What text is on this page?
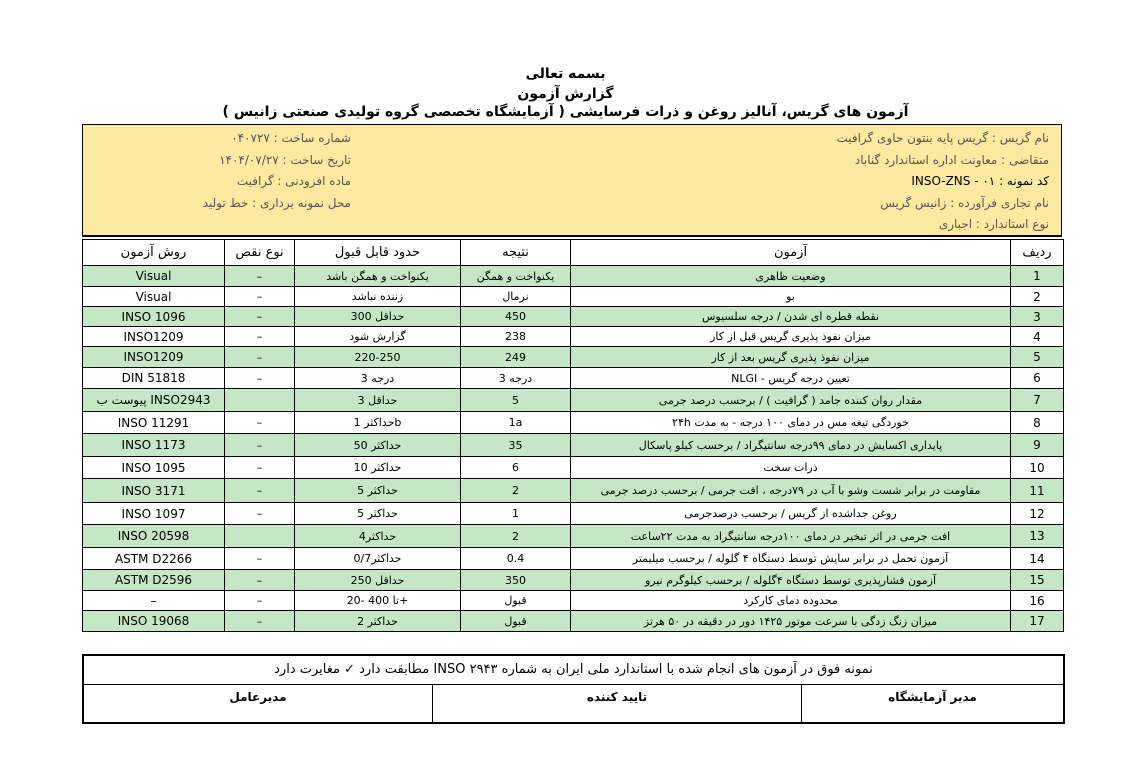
بسمه تعالی
گزارش آزمون
آزمون های گریس، آنالیز روغن و ذرات فرسایشی ( آزمایشگاه تخصصی گروه تولیدی صنعتی زانیس )
نام گریس : گریس پایه بنتون حاوی گرافیت
متقاضی : معاونت اداره استاندارد گناباد
کد نمونه : ۰۱ - INSO-ZNS
نام تجاری فرآورده : زانیس گریس
نوع استاندارد : اجباری
شماره ساخت : ۰۴۰۷۲۷
تاریخ ساخت : ۱۴۰۴/۰۷/۲۷
ماده افزودنی : گرافیت
محل نمونه برداری : خط تولید
روش آزمون	نوع نقص	حدود قابل قبول	نتیجه	آزمون	ردیف
Visual	–	یکنواخت و همگن باشد	یکنواخت و همگن	وضعیت ظاهری	1
Visual	–	زننده نباشد	نرمال	بو	2
INSO 1096	–	حداقل 300	450	نقطه قطره ای شدن / درجه سلسیوس	3
INSO1209	–	گزارش شود	238	میزان نفوذ پذیری گریس قبل از کار	4
INSO1209	–	220-250	249	میزان نفوذ پذیری گریس بعد از کار	5
DIN 51818	–	درجه 3	درجه 3	تعیین درجه گریس - NLGI	6
پیوست ب INSO2943		حداقل 3	5	مقدار روان کننده جامد ( گرافیت ) / برحسب درصد جرمی	7
INSO 11291	–	حداکثر 1b	1a	خوردگی تیغه مس در دمای ۱۰۰ درجه - به مدت ۲۴h	8
INSO 1173	–	حداکثر 50	35	پایداری اکسایش در دمای ۹۹درجه سانتیگراد / برحسب کیلو پاسکال	9
INSO 1095	–	حداکثر 10	6	ذرات سخت	10
INSO 3171	–	حداکثر 5	2	مقاومت در برابر شست وشو با آب در ۷۹درجه ، افت جرمی / برحسب درصد جرمی	11
INSO 1097	–	حداکثر 5	1	روغن جداشده از گریس / برحسب درصدجرمی	12
INSO 20598		حداکثر4	2	افت جرمی در اثر تبخیر در دمای ۱۰۰درجه سانتیگراد به مدت ۲۲ساعت	13
ASTM D2266	–	حداکثر0/7	0.4	آزمون تحمل در برابر سایش توسط دستگاه ۴ گلوله / برحسب میلیمتر	14
ASTM D2596	–	حداقل 250	350	آزمون فشارپذیری توسط دستگاه ۴گلوله / برحسب کیلوگرم نیرو	15
–	–	20- تا 400+	قبول	محدوده دمای کارکرد	16
INSO 19068	–	حداکثر 2	قبول	میزان زنگ زدگی با سرعت موتور ۱۴۲۵ دور در دقیقه در ۵۰ هرتز	17
نمونه فوق در آزمون های انجام شده با استاندارد ملی ایران به شماره ۲۹۴۳ INSO مطابقت دارد ✓ مغایرت دارد
مدیرعامل	تایید کننده	مدیر آزمایشگاه
